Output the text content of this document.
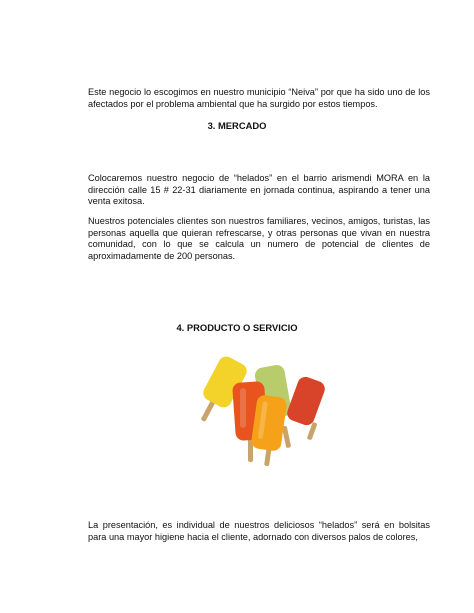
Este negocio lo escogimos en nuestro municipio “Neiva” por que ha sido uno de los afectados por el problema ambiental que ha surgido por estos tiempos.

3. MERCADO

Colocaremos nuestro negocio de “helados” en el barrio arismendi MORA en la dirección calle 15 # 22-31 diariamente en jornada continua, aspirando a tener una venta exitosa.

Nuestros potenciales clientes son nuestros familiares, vecinos, amigos, turistas, las personas aquella que quieran refrescarse, y otras personas que vivan en nuestra comunidad, con lo que se calcula un numero de potencial de clientes de aproximadamente de 200 personas.

4. PRODUCTO O SERVICIO

La presentación, es individual de nuestros deliciosos “helados” será en bolsitas para una mayor higiene hacia el cliente, adornado con diversos palos de colores,
